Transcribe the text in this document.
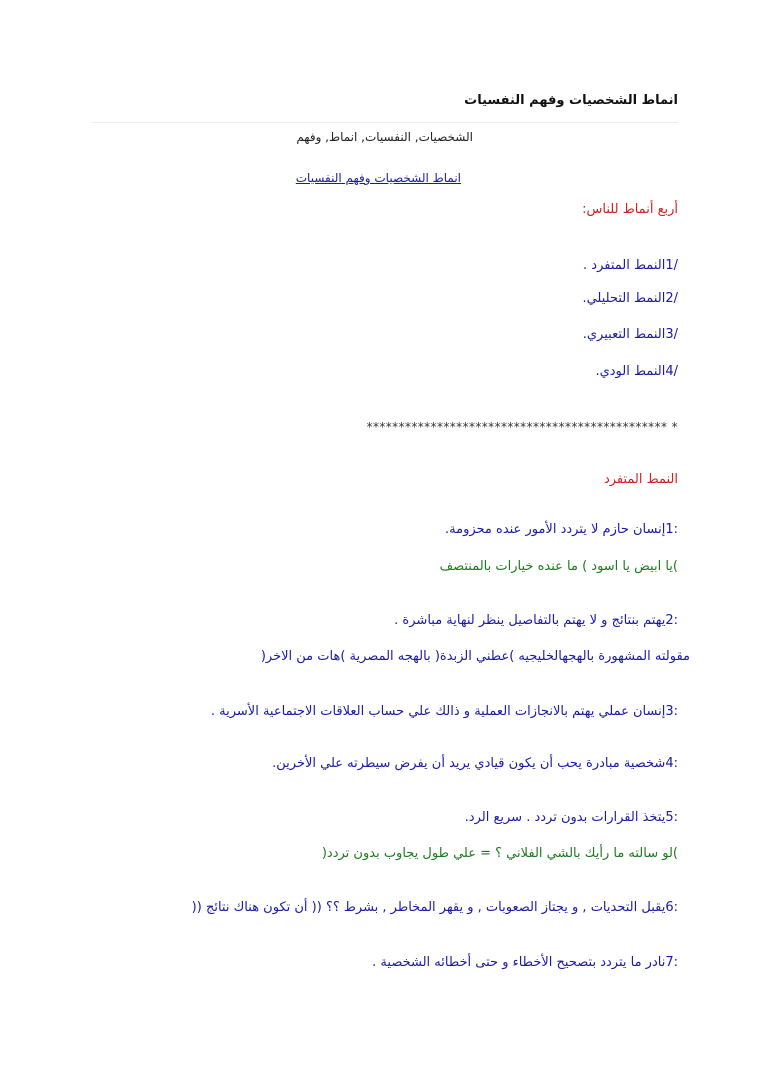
انماط الشخصيات وفهم النفسيات
الشخصيات, النفسيات, انماط, وفهم
انماط الشخصيات وفهم النفسيات
أربع أنماط للناس:
/1النمط المتفرد .
/2النمط التحليلي.
/3النمط التعبيري.
/4النمط الودي.
* ***********************************************
النمط المتفرد
:1إنسان حازم لا يتردد الأمور عنده محزومة.
)يا ابيض يا اسود ) ما عنده خيارات بالمنتصف
:2يهتم بنتائج و لا يهتم بالتفاصيل ينظر لنهاية مباشرة .
مقولته المشهورة بالهجهالخليجيه )عطني الزبدة( بالهجه المصرية )هات من الاخر(
:3إنسان عملي يهتم بالانجازات العملية و ذالك علي حساب العلاقات الاجتماعية الأسرية .
:4شخصية مبادرة يحب أن يكون قيادي يريد أن يفرض سيطرته علي الأخرين.
:5يتخذ القرارات بدون تردد . سريع الرد.
)لو سالته ما رأيك بالشي الفلاني ؟ = علي طول يجاوب بدون تردد(
:6يقبل التحديات , و يجتاز الصعوبات , و يقهر المخاطر , بشرط ؟؟ (( أن تكون هناك نتائج ((
:7نادر ما يتردد بتصحيح الأخطاء و حتى أخطائه الشخصية .
